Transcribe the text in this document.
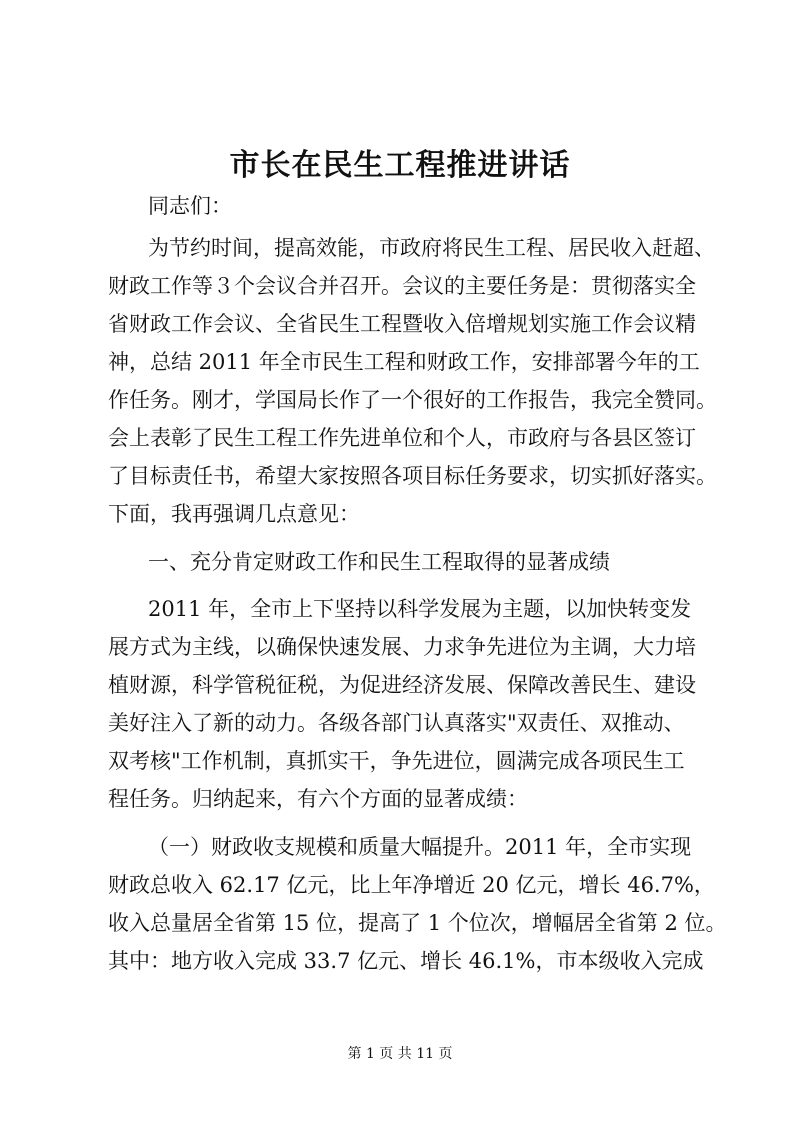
市长在民生工程推进讲话
同志们：
为节约时间，提高效能，市政府将民生工程、居民收入赶超、
财政工作等３个会议合并召开。会议的主要任务是：贯彻落实全
省财政工作会议、全省民生工程暨收入倍增规划实施工作会议精
神，总结 2011 年全市民生工程和财政工作，安排部署今年的工
作任务。刚才，学国局长作了一个很好的工作报告，我完全赞同。
会上表彰了民生工程工作先进单位和个人，市政府与各县区签订
了目标责任书，希望大家按照各项目标任务要求，切实抓好落实。
下面，我再强调几点意见：
一、充分肯定财政工作和民生工程取得的显著成绩
2011 年，全市上下坚持以科学发展为主题，以加快转变发
展方式为主线，以确保快速发展、力求争先进位为主调，大力培
植财源，科学管税征税，为促进经济发展、保障改善民生、建设
美好注入了新的动力。各级各部门认真落实"双责任、双推动、
双考核"工作机制，真抓实干，争先进位，圆满完成各项民生工
程任务。归纳起来，有六个方面的显著成绩：
（一）财政收支规模和质量大幅提升。2011 年，全市实现
财政总收入 62.17 亿元，比上年净增近 20 亿元，增长 46.7%，
收入总量居全省第 15 位，提高了 1 个位次，增幅居全省第 2 位。
其中：地方收入完成 33.7 亿元、增长 46.1%，市本级收入完成
第 1 页 共 11 页
